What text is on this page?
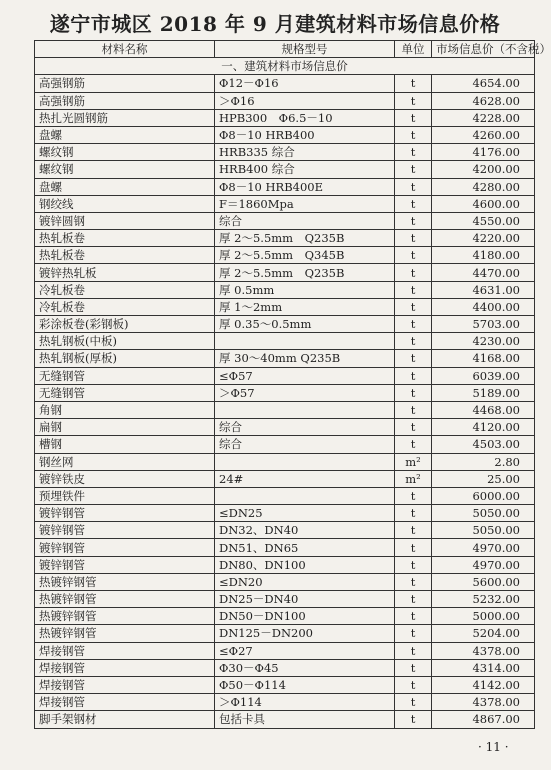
遂宁市城区 2018 年 9 月建筑材料市场信息价格
材料名称	规格型号	单位	市场信息价（不含税）
一、建筑材料市场信息价			
高强钢筋	Φ12－Φ16	t	4654.00
高强钢筋	＞Φ16	t	4628.00
热扎光圆钢筋	HPB300　Φ6.5－10	t	4228.00
盘螺	Φ8－10 HRB400	t	4260.00
螺纹钢	HRB335 综合	t	4176.00
螺纹钢	HRB400 综合	t	4200.00
盘螺	Φ8－10 HRB400E	t	4280.00
钢绞线	F＝1860Mpa	t	4600.00
镀锌圆钢	综合	t	4550.00
热轧板卷	厚 2～5.5mm　Q235B	t	4220.00
热轧板卷	厚 2～5.5mm　Q345B	t	4180.00
镀锌热轧板	厚 2～5.5mm　Q235B	t	4470.00
冷轧板卷	厚 0.5mm	t	4631.00
冷轧板卷	厚 1～2mm	t	4400.00
彩涂板卷(彩钢板)	厚 0.35～0.5mm	t	5703.00
热轧钢板(中板)		t	4230.00
热轧钢板(厚板)	厚 30～40mm Q235B	t	4168.00
无缝钢管	≤Φ57	t	6039.00
无缝钢管	＞Φ57	t	5189.00
角钢		t	4468.00
扁钢	综合	t	4120.00
槽钢	综合	t	4503.00
钢丝网		m²	2.80
镀锌铁皮	24#	m²	25.00
预埋铁件		t	6000.00
镀锌钢管	≤DN25	t	5050.00
镀锌钢管	DN32、DN40	t	5050.00
镀锌钢管	DN51、DN65	t	4970.00
镀锌钢管	DN80、DN100	t	4970.00
热镀锌钢管	≤DN20	t	5600.00
热镀锌钢管	DN25－DN40	t	5232.00
热镀锌钢管	DN50－DN100	t	5000.00
热镀锌钢管	DN125－DN200	t	5204.00
焊接钢管	≤Φ27	t	4378.00
焊接钢管	Φ30－Φ45	t	4314.00
焊接钢管	Φ50－Φ114	t	4142.00
焊接钢管	＞Φ114	t	4378.00
脚手架钢材	包括卡具	t	4867.00
· 11 ·
